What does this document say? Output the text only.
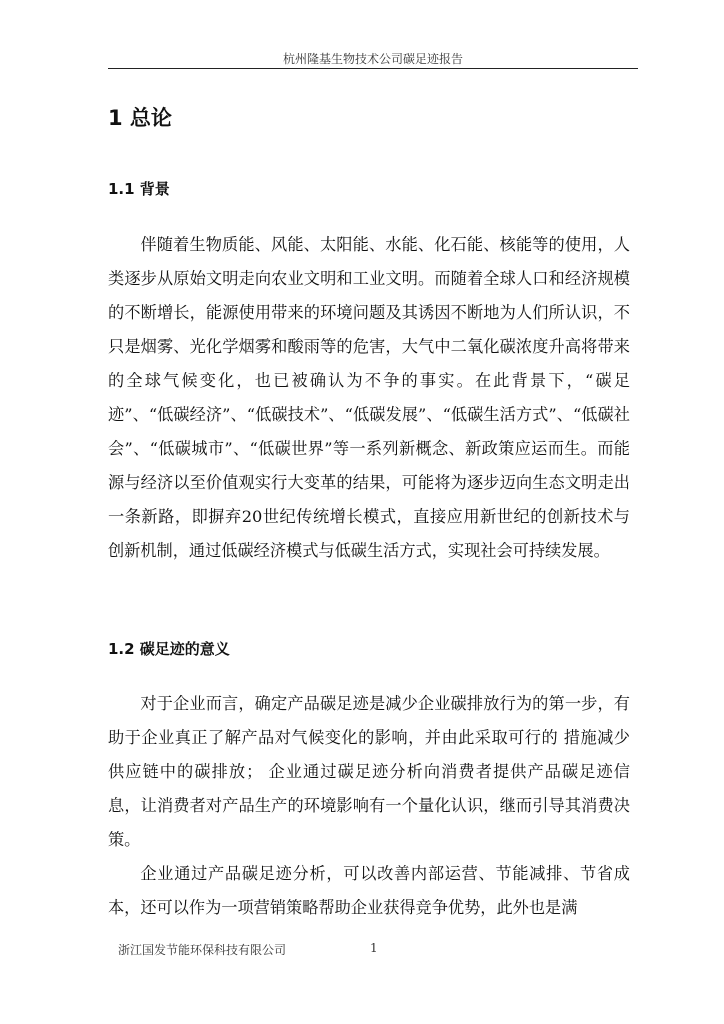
杭州隆基生物技术公司碳足迹报告
1 总论
1.1 背景

伴随着生物质能、风能、太阳能、水能、化石能、核能等的使用，人类逐步从原始文明走向农业文明和工业文明。而随着全球人口和经济规模的不断增长，能源使用带来的环境问题及其诱因不断地为人们所认识，不只是烟雾、光化学烟雾和酸雨等的危害，大气中二氧化碳浓度升高将带来的全球气候变化，也已被确认为不争的事实。在此背景下，“碳足迹”、“低碳经济”、“低碳技术”、“低碳发展”、“低碳生活方式”、“低碳社会”、“低碳城市”、“低碳世界”等一系列新概念、新政策应运而生。而能源与经济以至价值观实行大变革的结果，可能将为逐步迈向生态文明走出一条新路，即摒弃20世纪传统增长模式，直接应用新世纪的创新技术与创新机制，通过低碳经济模式与低碳生活方式，实现社会可持续发展。

1.2 碳足迹的意义

对于企业而言，确定产品碳足迹是减少企业碳排放行为的第一步，有助于企业真正了解产品对气候变化的影响，并由此采取可行的 措施减少供应链中的碳排放； 企业通过碳足迹分析向消费者提供产品碳足迹信息，让消费者对产品生产的环境影响有一个量化认识，继而引导其消费决策。

企业通过产品碳足迹分析，可以改善内部运营、节能减排、节省成本，还可以作为一项营销策略帮助企业获得竞争优势，此外也是满

浙江国发节能环保科技有限公司	1
